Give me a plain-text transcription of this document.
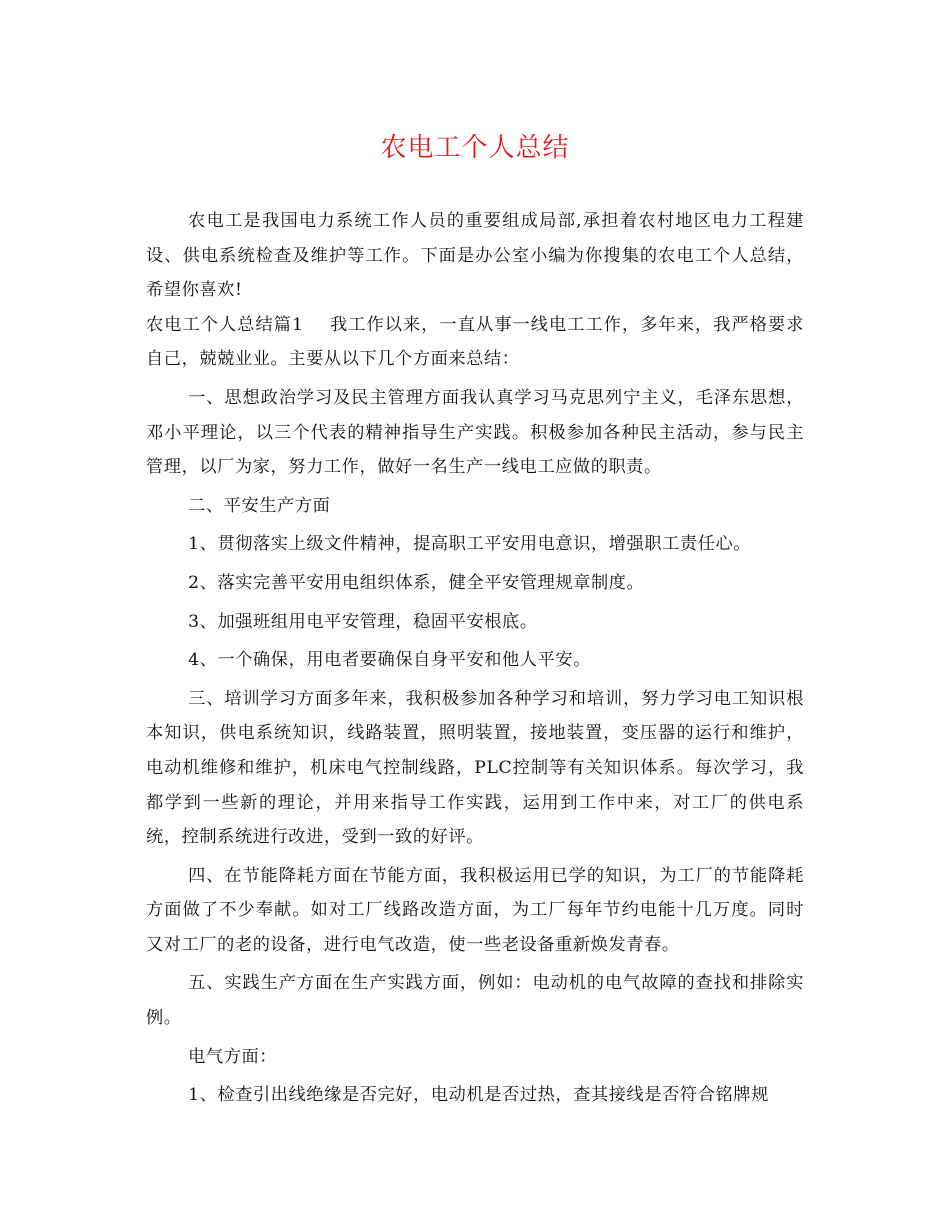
农电工个人总结

农电工是我国电力系统工作人员的重要组成局部,承担着农村地区电力工程建设、供电系统检查及维护等工作。下面是办公室小编为你搜集的农电工个人总结，希望你喜欢!

农电工个人总结篇1 我工作以来，一直从事一线电工工作，多年来，我严格要求自己，兢兢业业。主要从以下几个方面来总结：

一、思想政治学习及民主管理方面我认真学习马克思列宁主义，毛泽东思想，邓小平理论，以三个代表的精神指导生产实践。积极参加各种民主活动，参与民主管理，以厂为家，努力工作，做好一名生产一线电工应做的职责。

二、平安生产方面

1、贯彻落实上级文件精神，提高职工平安用电意识，增强职工责任心。

2、落实完善平安用电组织体系，健全平安管理规章制度。

3、加强班组用电平安管理，稳固平安根底。

4、一个确保，用电者要确保自身平安和他人平安。

三、培训学习方面多年来，我积极参加各种学习和培训，努力学习电工知识根本知识，供电系统知识，线路装置，照明装置，接地装置，变压器的运行和维护，电动机维修和维护，机床电气控制线路，PLC控制等有关知识体系。每次学习，我都学到一些新的理论，并用来指导工作实践，运用到工作中来，对工厂的供电系统，控制系统进行改进，受到一致的好评。

四、在节能降耗方面在节能方面，我积极运用已学的知识，为工厂的节能降耗方面做了不少奉献。如对工厂线路改造方面，为工厂每年节约电能十几万度。同时又对工厂的老的设备，进行电气改造，使一些老设备重新焕发青春。

五、实践生产方面在生产实践方面，例如：电动机的电气故障的查找和排除实例。

电气方面：

1、检查引出线绝缘是否完好，电动机是否过热，查其接线是否符合铭牌规
